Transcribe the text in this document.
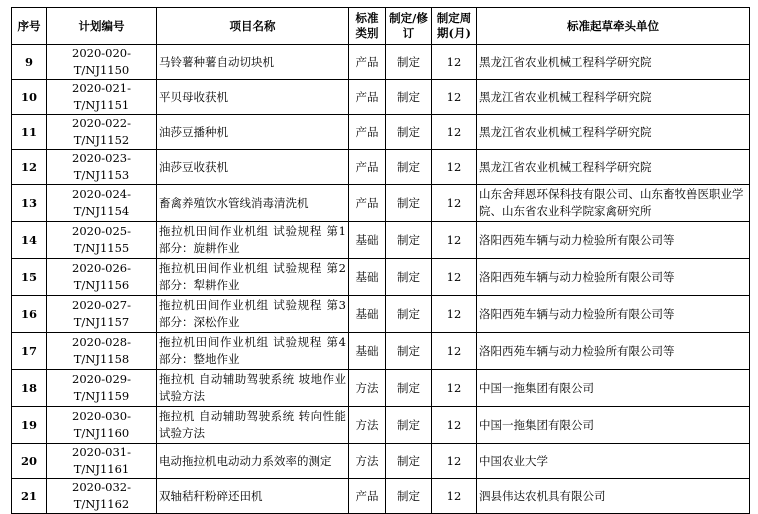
序号	计划编号	项目名称	标准类别	制定/修订	制定周期(月)	标准起草牵头单位
9	2020-020-T/NJ1150	马铃薯种薯自动切块机	产品	制定	12	黑龙江省农业机械工程科学研究院
10	2020-021-T/NJ1151	平贝母收获机	产品	制定	12	黑龙江省农业机械工程科学研究院
11	2020-022-T/NJ1152	油莎豆播种机	产品	制定	12	黑龙江省农业机械工程科学研究院
12	2020-023-T/NJ1153	油莎豆收获机	产品	制定	12	黑龙江省农业机械工程科学研究院
13	2020-024-T/NJ1154	畜禽养殖饮水管线消毒清洗机	产品	制定	12	山东舍拜恩环保科技有限公司、山东畜牧兽医职业学院、山东省农业科学院家禽研究所
14	2020-025-T/NJ1155	拖拉机田间作业机组 试验规程 第1部分：旋耕作业	基础	制定	12	洛阳西苑车辆与动力检验所有限公司等
15	2020-026-T/NJ1156	拖拉机田间作业机组 试验规程 第2部分：犁耕作业	基础	制定	12	洛阳西苑车辆与动力检验所有限公司等
16	2020-027-T/NJ1157	拖拉机田间作业机组 试验规程 第3部分：深松作业	基础	制定	12	洛阳西苑车辆与动力检验所有限公司等
17	2020-028-T/NJ1158	拖拉机田间作业机组 试验规程 第4部分：整地作业	基础	制定	12	洛阳西苑车辆与动力检验所有限公司等
18	2020-029-T/NJ1159	拖拉机 自动辅助驾驶系统 坡地作业试验方法	方法	制定	12	中国一拖集团有限公司
19	2020-030-T/NJ1160	拖拉机 自动辅助驾驶系统 转向性能试验方法	方法	制定	12	中国一拖集团有限公司
20	2020-031-T/NJ1161	电动拖拉机电动动力系效率的测定	方法	制定	12	中国农业大学
21	2020-032-T/NJ1162	双轴秸秆粉碎还田机	产品	制定	12	泗县伟达农机具有限公司
